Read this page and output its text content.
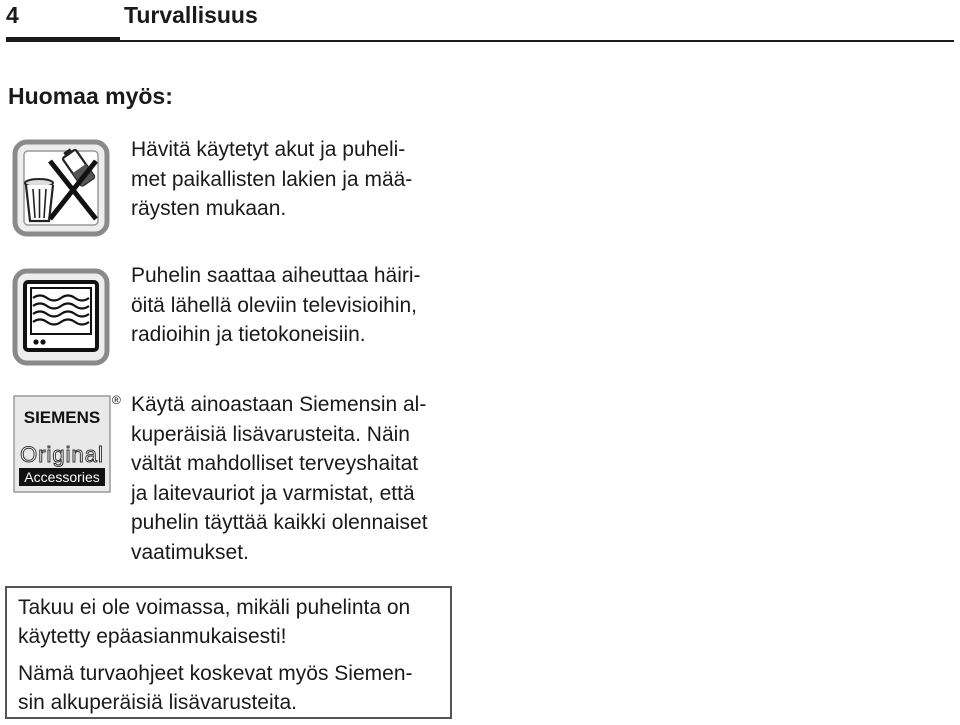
4	Turvallisuus
Huomaa myös:
SIEMENS
Original
Accessories
®

Hävitä käytetyt akut ja puheli-
met paikallisten lakien ja mää-
räysten mukaan.

Puhelin saattaa aiheuttaa häiri-
öitä lähellä oleviin televisioihin,
radioihin ja tietokoneisiin.

Käytä ainoastaan Siemensin al-
kuperäisiä lisävarusteita. Näin
vältät mahdolliset terveyshaitat
ja laitevauriot ja varmistat, että
puhelin täyttää kaikki olennaiset
vaatimukset.

Takuu ei ole voimassa, mikäli puhelinta on
käytetty epäasianmukaisesti!

Nämä turvaohjeet koskevat myös Siemen-
sin alkuperäisiä lisävarusteita.
